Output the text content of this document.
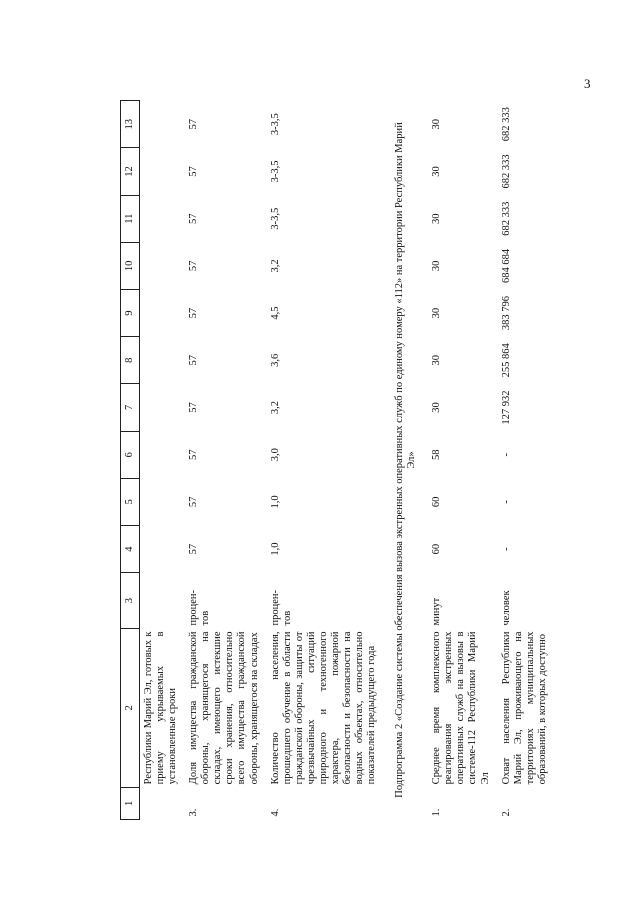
3
1	2	3	4	5	6	7	8	9	10	11	12	13
	Республики Марий Эл, готовых к приему укрываемых в установленные сроки											
3.	Доля имущества гражданской обороны, хранящегося на складах, имеющего истекшие сроки хранения, относительно всего имущества гражданской обороны, хранящегося на складах	процен-тов	57	57	57	57	57	57	57	57	57	57
4.	Количество населения, прошедшего обучение в области гражданской обороны, защиты от чрезвычайных ситуаций природного и техногенного характера, пожарной безопасности и безопасности на водных объектах, относительно показателей предыдущего года	процен-тов	1,0	1,0	3,0	3,2	3,6	4,5	3,2	3-3,5	3-3,5	3-3,5
Подпрограмма 2 «Создание системы обеспечения вызова экстренных оперативных служб по единому номеру «112» на территории Республики Марий Эл»												
1.	Среднее время комплексного реагирования экстренных оперативных служб на вызовы в системе-112 Республики Марий Эл	минут	60	60	58	30	30	30	30	30	30	30
2.	Охват населения Республики Марий Эл, проживающего на территориях муниципальных образований, в которых доступно	человек	-	-	-	127 932	255 864	383 796	684 684	682 333	682 333	682 333
